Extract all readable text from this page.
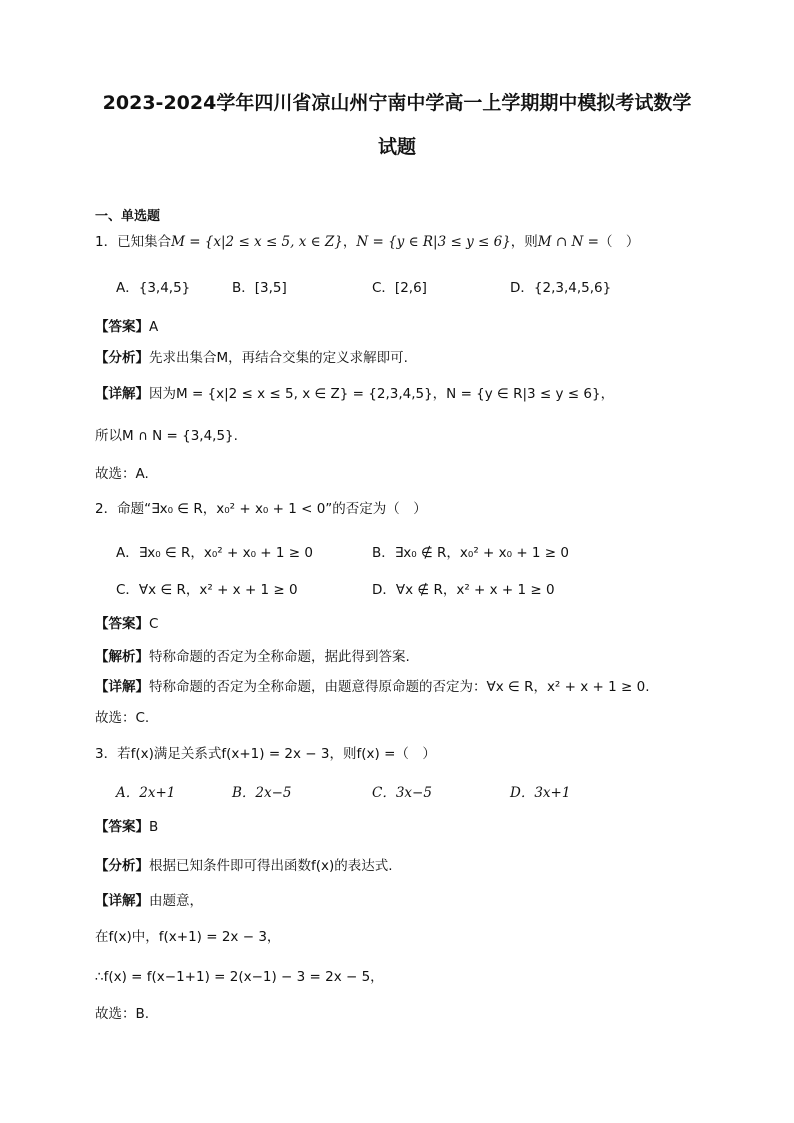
2023-2024学年四川省凉山州宁南中学高一上学期期中模拟考试数学
试题
一、单选题
1．已知集合M = {x|2 ≤ x ≤ 5, x ∈ Z}，N = {y ∈ R|3 ≤ y ≤ 6}，则M ∩ N =（　）
A．{3,4,5}	B．[3,5]	C．[2,6]	D．{2,3,4,5,6}
【答案】A
【分析】先求出集合M，再结合交集的定义求解即可.
【详解】因为M = {x|2 ≤ x ≤ 5, x ∈ Z} = {2,3,4,5}，N = {y ∈ R|3 ≤ y ≤ 6}，
所以M ∩ N = {3,4,5}.
故选：A.
2．命题“∃x₀ ∈ R，x₀² + x₀ + 1 < 0”的否定为（　）
A．∃x₀ ∈ R，x₀² + x₀ + 1 ≥ 0	B．∃x₀ ∉ R，x₀² + x₀ + 1 ≥ 0
C．∀x ∈ R，x² + x + 1 ≥ 0	D．∀x ∉ R，x² + x + 1 ≥ 0
【答案】C
【解析】特称命题的否定为全称命题，据此得到答案.
【详解】特称命题的否定为全称命题，由题意得原命题的否定为：∀x ∈ R，x² + x + 1 ≥ 0.
故选：C.
3．若f(x)满足关系式f(x+1) = 2x − 3，则f(x) =（　）
A．2x+1	B．2x−5	C．3x−5	D．3x+1
【答案】B
【分析】根据已知条件即可得出函数f(x)的表达式.
【详解】由题意，
在f(x)中，f(x+1) = 2x − 3，
∴f(x) = f(x−1+1) = 2(x−1) − 3 = 2x − 5，
故选：B.
